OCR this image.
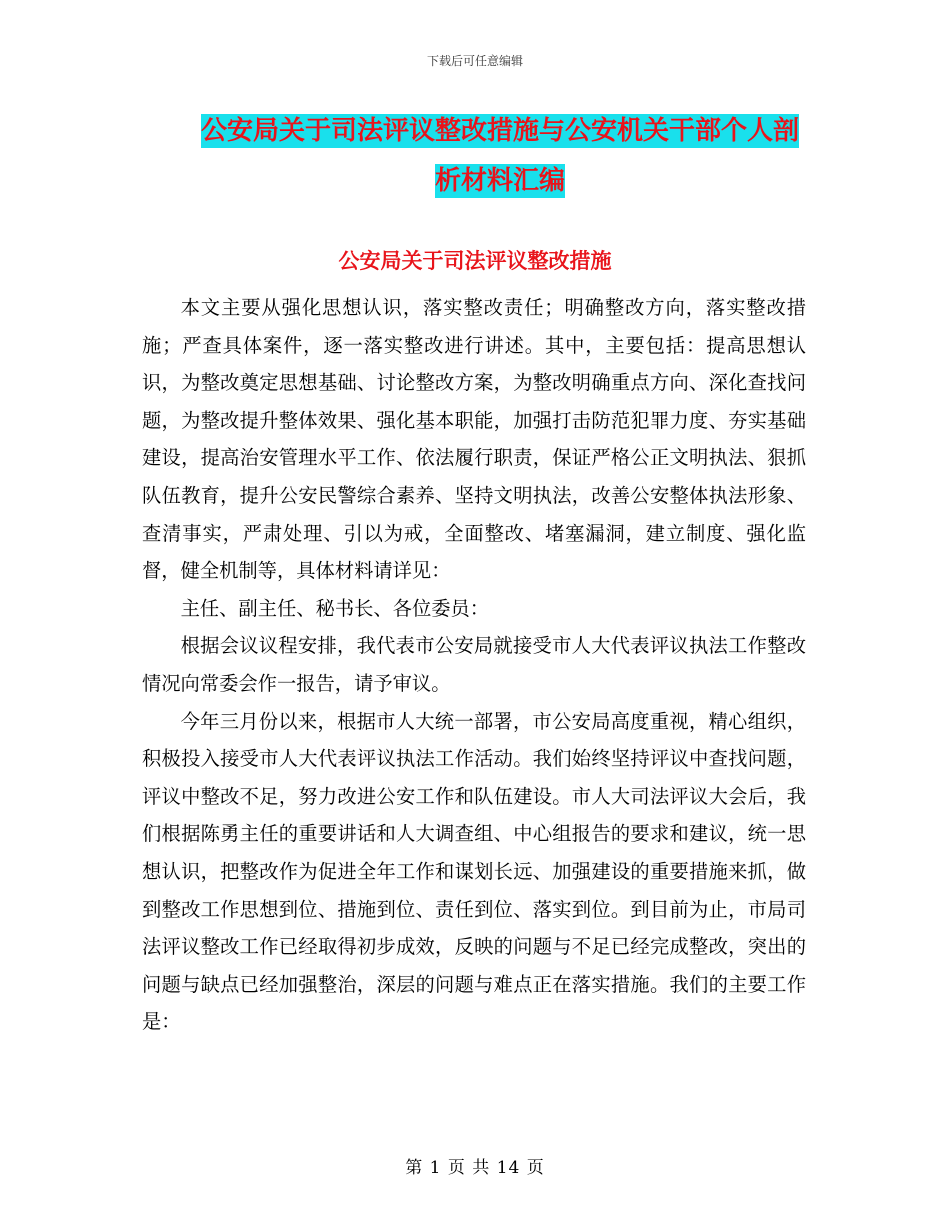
下载后可任意编辑
公安局关于司法评议整改措施与公安机关干部个人剖
析材料汇编
公安局关于司法评议整改措施

本文主要从强化思想认识，落实整改责任；明确整改方向，落实整改措施；严查具体案件，逐一落实整改进行讲述。其中，主要包括：提高思想认识，为整改奠定思想基础、讨论整改方案，为整改明确重点方向、深化查找问题，为整改提升整体效果、强化基本职能，加强打击防范犯罪力度、夯实基础建设，提高治安管理水平工作、依法履行职责，保证严格公正文明执法、狠抓队伍教育，提升公安民警综合素养、坚持文明执法，改善公安整体执法形象、查清事实，严肃处理、引以为戒，全面整改、堵塞漏洞，建立制度、强化监督，健全机制等，具体材料请详见：

主任、副主任、秘书长、各位委员：

根据会议议程安排，我代表市公安局就接受市人大代表评议执法工作整改情况向常委会作一报告，请予审议。

今年三月份以来，根据市人大统一部署，市公安局高度重视，精心组织，积极投入接受市人大代表评议执法工作活动。我们始终坚持评议中查找问题，评议中整改不足，努力改进公安工作和队伍建设。市人大司法评议大会后，我们根据陈勇主任的重要讲话和人大调查组、中心组报告的要求和建议，统一思想认识，把整改作为促进全年工作和谋划长远、加强建设的重要措施来抓，做到整改工作思想到位、措施到位、责任到位、落实到位。到目前为止，市局司法评议整改工作已经取得初步成效，反映的问题与不足已经完成整改，突出的问题与缺点已经加强整治，深层的问题与难点正在落实措施。我们的主要工作是：

第 1 页 共 14 页
